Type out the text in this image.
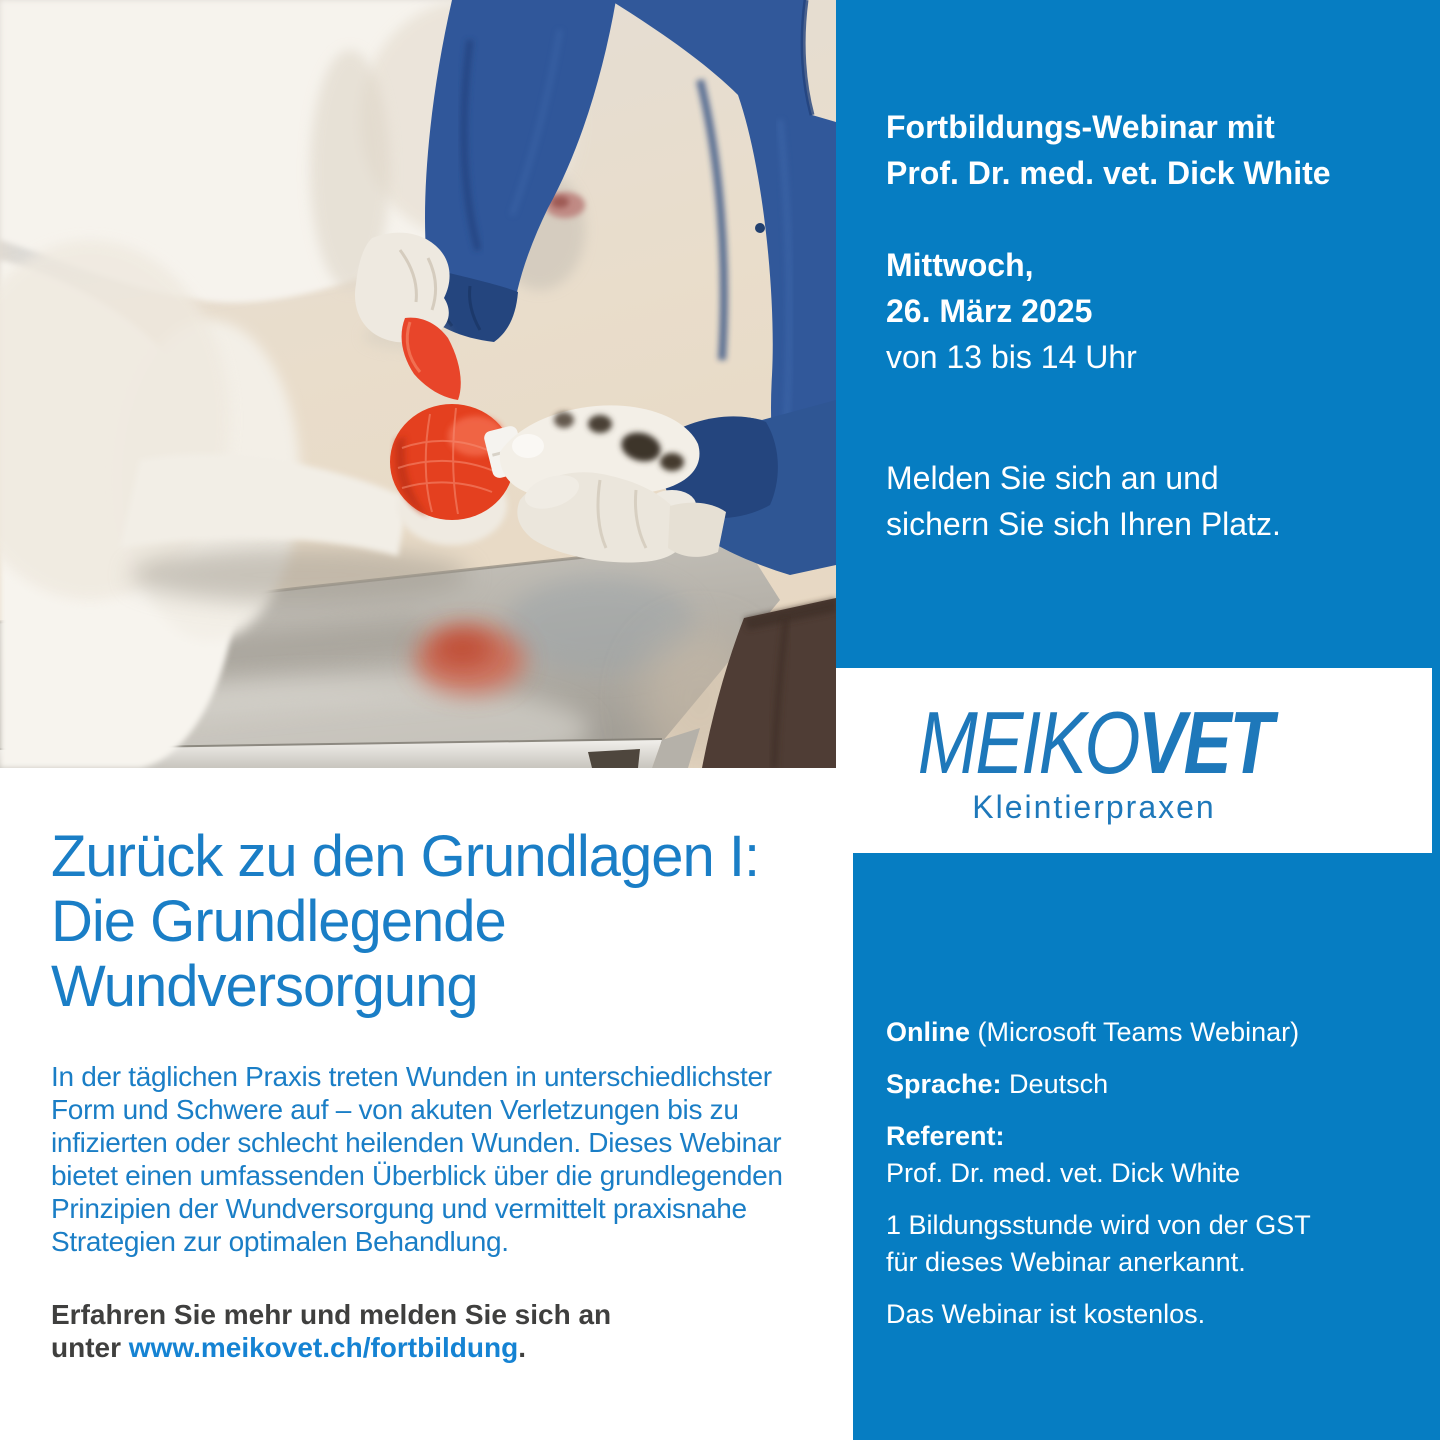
Fortbildungs-Webinar mit
Prof. Dr. med. vet. Dick White
Mittwoch,
26. März 2025
von 13 bis 14 Uhr
Melden Sie sich an und
sichern Sie sich Ihren Platz.
MEIKOVET
Kleintierpraxen

Online (Microsoft Teams Webinar)

Sprache: Deutsch

Referent:
Prof. Dr. med. vet. Dick White

1 Bildungsstunde wird von der GST
für dieses Webinar anerkannt.

Das Webinar ist kostenlos.

Zurück zu den Grundlagen I:
Die Grundlegende
Wundversorgung
In der täglichen Praxis treten Wunden in unterschiedlichster
Form und Schwere auf – von akuten Verletzungen bis zu
infizierten oder schlecht heilenden Wunden. Dieses Webinar
bietet einen umfassenden Überblick über die grundlegenden
Prinzipien der Wundversorgung und vermittelt praxisnahe
Strategien zur optimalen Behandlung.
Erfahren Sie mehr und melden Sie sich an
unter www.meikovet.ch/fortbildung.
